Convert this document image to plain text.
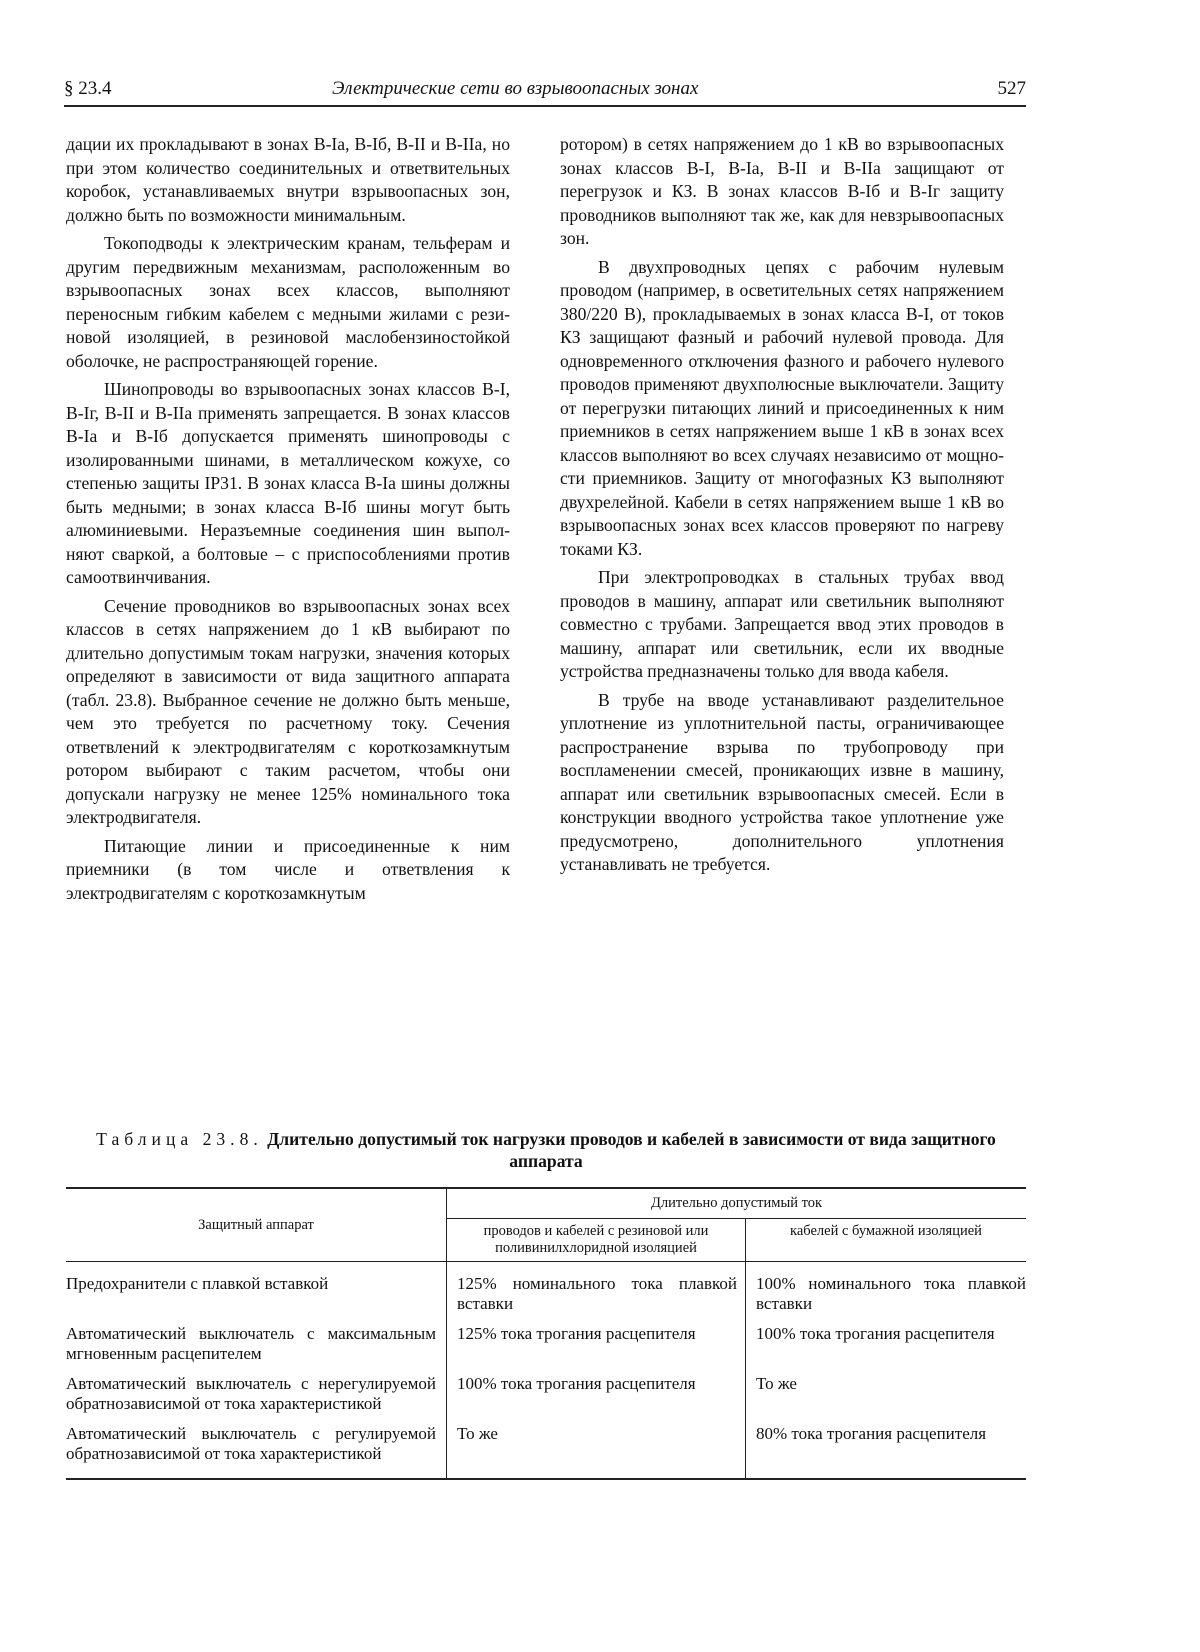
§ 23.4	Электрические сети во взрывоопасных зонах	527

дации их прокладывают в зонах В-Iа, В-Iб, В-II и В-IIа, но при этом количество соединительных и ответвительных коробок, устанавливаемых внутри взрывоопасных зон, должно быть по возможности минимальным.

Токоподводы к электрическим кранам, тельферам и другим передвижным механизмам, расположенным во взрывоопасных зонах всех классов, выполняют переносным гибким кабелем с медными жилами с резиновой изоляцией, в резиновой маслобензиностойкой оболочке, не распространяющей горение.

Шинопроводы во взрывоопасных зонах классов В-I, В-Iг, В-II и В-IIа применять запрещается. В зонах классов В-Iа и В-Iб допускается применять шинопроводы с изолированными шинами, в металлическом кожухе, со степенью защиты IP31. В зонах класса В-Iа шины должны быть медными; в зонах класса В-Iб шины могут быть алюминиевыми. Неразъемные соединения шин выполняют сваркой, а болтовые – с приспособлениями против самоотвинчивания.

Сечение проводников во взрывоопасных зонах всех классов в сетях напряжением до 1 кВ выбирают по длительно допустимым токам нагрузки, значения которых определяют в зависимости от вида защитного аппарата (табл. 23.8). Выбранное сечение не должно быть меньше, чем это требуется по расчетному току. Сечения ответвлений к электродвигателям с короткозамкнутым ротором выбирают с таким расчетом, чтобы они допускали нагрузку не менее 125% номинального тока электродвигателя.

Питающие линии и присоединенные к ним приемники (в том числе и ответвления к электродвигателям с короткозамкнутым

ротором) в сетях напряжением до 1 кВ во взрывоопасных зонах классов В-I, В-Iа, В-II и В-IIа защищают от перегрузок и КЗ. В зонах классов В-Iб и В-Iг защиту проводников выполняют так же, как для невзрывоопасных зон.

В двухпроводных цепях с рабочим нулевым проводом (например, в осветительных сетях напряжением 380/220 В), прокладываемых в зонах класса В-I, от токов КЗ защищают фазный и рабочий нулевой провода. Для одновременного отключения фазного и рабочего нулевого проводов применяют двухполюсные выключатели. Защиту от перегрузки питающих линий и присоединенных к ним приемников в сетях напряжением выше 1 кВ в зонах всех классов выполняют во всех случаях независимо от мощности приемников. Защиту от многофазных КЗ выполняют двухрелейной. Кабели в сетях напряжением выше 1 кВ во взрывоопасных зонах всех классов проверяют по нагреву токами КЗ.

При электропроводках в стальных трубах ввод проводов в машину, аппарат или светильник выполняют совместно с трубами. Запрещается ввод этих проводов в машину, аппарат или светильник, если их вводные устройства предназначены только для ввода кабеля.

В трубе на вводе устанавливают разделительное уплотнение из уплотнительной пасты, ограничивающее распространение взрыва по трубопроводу при воспламенении смесей, проникающих извне в машину, аппарат или светильник взрывоопасных смесей. Если в конструкции вводного устройства такое уплотнение уже предусмотрено, дополнительного уплотнения устанавливать не требуется.

Таблица 23.8. Длительно допустимый ток нагрузки проводов и кабелей в зависимости от вида защитного аппарата
Защитный аппарат	Длительно допустимый ток	
	проводов и кабелей с резиновой или поливинилхлоридной изоляцией	кабелей с бумажной изоляцией
Предохранители с плавкой вставкой	125% номинального тока плавкой вставки	100% номинального тока плавкой вставки
Автоматический выключатель с максимальным мгновенным расцепителем	125% тока трогания расцепителя	100% тока трогания расцепителя
Автоматический выключатель с нерегулируемой обратнозависимой от тока характеристикой	100% тока трогания расцепителя	То же
Автоматический выключатель с регулируемой обратнозависимой от тока характеристикой	То же	80% тока трогания расцепителя
